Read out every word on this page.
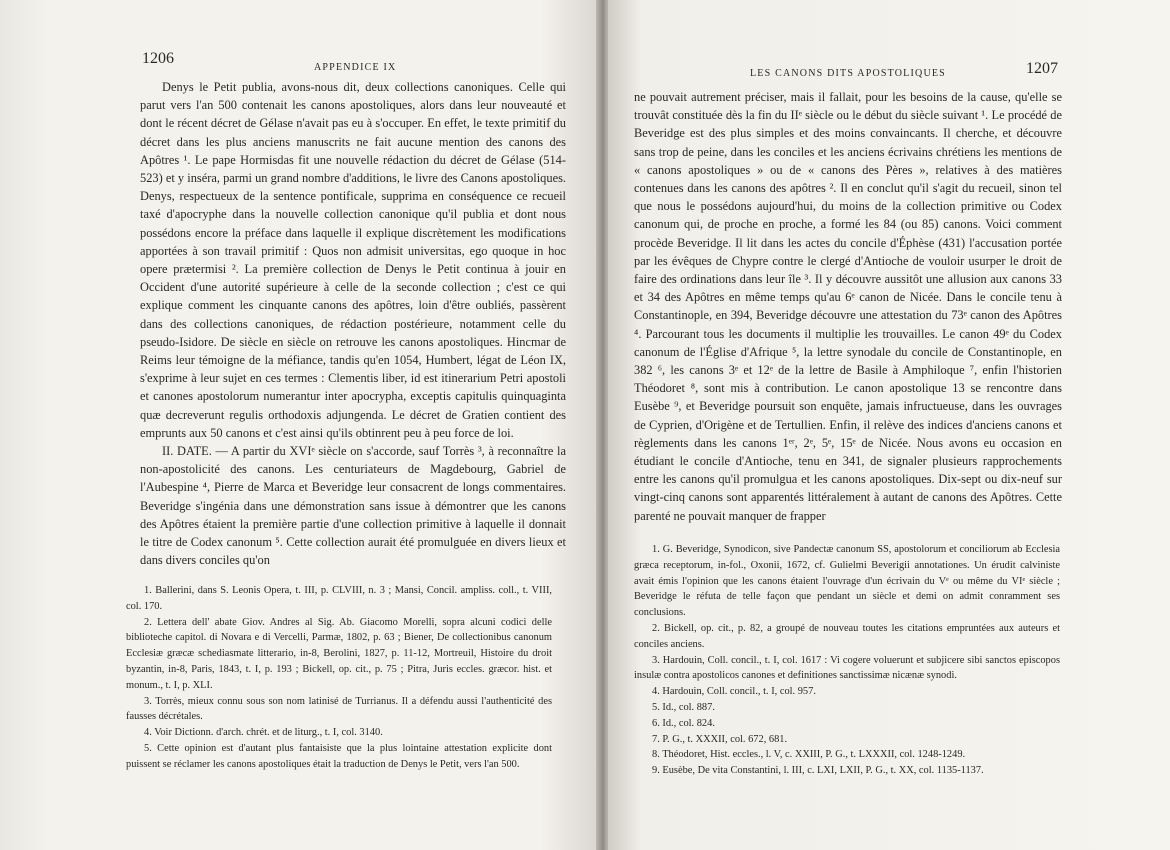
1206
APPENDICE IX

Denys le Petit publia, avons-nous dit, deux collections canoniques. Celle qui parut vers l'an 500 contenait les canons apostoliques, alors dans leur nouveauté et dont le récent décret de Gélase n'avait pas eu à s'occuper. En effet, le texte primitif du décret dans les plus anciens manuscrits ne fait aucune mention des canons des Apôtres ¹. Le pape Hormisdas fit une nouvelle rédaction du décret de Gélase (514-523) et y inséra, parmi un grand nombre d'additions, le livre des Canons apostoliques. Denys, respectueux de la sentence pontificale, supprima en conséquence ce recueil taxé d'apocryphe dans la nouvelle collection canonique qu'il publia et dont nous possédons encore la préface dans laquelle il explique discrètement les modifications apportées à son travail primitif : Quos non admisit universitas, ego quoque in hoc opere prætermisi ². La première collection de Denys le Petit continua à jouir en Occident d'une autorité supérieure à celle de la seconde collection ; c'est ce qui explique comment les cinquante canons des apôtres, loin d'être oubliés, passèrent dans des collections canoniques, de rédaction postérieure, notamment celle du pseudo-Isidore. De siècle en siècle on retrouve les canons apostoliques. Hincmar de Reims leur témoigne de la méfiance, tandis qu'en 1054, Humbert, légat de Léon IX, s'exprime à leur sujet en ces termes : Clementis liber, id est itinerarium Petri apostoli et canones apostolorum numerantur inter apocrypha, exceptis capitulis quinquaginta quæ decreverunt regulis orthodoxis adjungenda. Le décret de Gratien contient des emprunts aux 50 canons et c'est ainsi qu'ils obtinrent peu à peu force de loi.

II. DATE. — A partir du XVIᵉ siècle on s'accorde, sauf Torrès ³, à reconnaître la non-apostolicité des canons. Les centuriateurs de Magdebourg, Gabriel de l'Aubespine ⁴, Pierre de Marca et Beveridge leur consacrent de longs commentaires. Beveridge s'ingénia dans une démonstration sans issue à démontrer que les canons des Apôtres étaient la première partie d'une collection primitive à laquelle il donnait le titre de Codex canonum ⁵. Cette collection aurait été promulguée en divers lieux et dans divers conciles qu'on

1. Ballerini, dans S. Leonis Opera, t. III, p. CLVIII, n. 3 ; Mansi, Concil. ampliss. coll., t. VIII, col. 170.

2. Lettera dell' abate Giov. Andres al Sig. Ab. Giacomo Morelli, sopra alcuni codici delle biblioteche capitol. di Novara e di Vercelli, Parmæ, 1802, p. 63 ; Biener, De collectionibus canonum Ecclesiæ græcæ schediasmate litterario, in-8, Berolini, 1827, p. 11-12, Mortreuil, Histoire du droit byzantin, in-8, Paris, 1843, t. I, p. 193 ; Bickell, op. cit., p. 75 ; Pitra, Juris eccles. græcor. hist. et monum., t. I, p. XLI.

3. Torrès, mieux connu sous son nom latinisé de Turrianus. Il a défendu aussi l'authenticité des fausses décrétales.

4. Voir Dictionn. d'arch. chrét. et de liturg., t. I, col. 3140.

5. Cette opinion est d'autant plus fantaisiste que la plus lointaine attestation explicite dont puissent se réclamer les canons apostoliques était la traduction de Denys le Petit, vers l'an 500.

1207
LES CANONS DITS APOSTOLIQUES

ne pouvait autrement préciser, mais il fallait, pour les besoins de la cause, qu'elle se trouvât constituée dès la fin du IIᵉ siècle ou le début du siècle suivant ¹. Le procédé de Beveridge est des plus simples et des moins convaincants. Il cherche, et découvre sans trop de peine, dans les conciles et les anciens écrivains chrétiens les mentions de « canons apostoliques » ou de « canons des Pères », relatives à des matières contenues dans les canons des apôtres ². Il en conclut qu'il s'agit du recueil, sinon tel que nous le possédons aujourd'hui, du moins de la collection primitive ou Codex canonum qui, de proche en proche, a formé les 84 (ou 85) canons. Voici comment procède Beveridge. Il lit dans les actes du concile d'Éphèse (431) l'accusation portée par les évêques de Chypre contre le clergé d'Antioche de vouloir usurper le droit de faire des ordinations dans leur île ³. Il y découvre aussitôt une allusion aux canons 33 et 34 des Apôtres en même temps qu'au 6ᵉ canon de Nicée. Dans le concile tenu à Constantinople, en 394, Beveridge découvre une attestation du 73ᵉ canon des Apôtres ⁴. Parcourant tous les documents il multiplie les trouvailles. Le canon 49ᵉ du Codex canonum de l'Église d'Afrique ⁵, la lettre synodale du concile de Constantinople, en 382 ⁶, les canons 3ᵉ et 12ᵉ de la lettre de Basile à Amphiloque ⁷, enfin l'historien Théodoret ⁸, sont mis à contribution. Le canon apostolique 13 se rencontre dans Eusèbe ⁹, et Beveridge poursuit son enquête, jamais infructueuse, dans les ouvrages de Cyprien, d'Origène et de Tertullien. Enfin, il relève des indices d'anciens canons et règlements dans les canons 1ᵉʳ, 2ᵉ, 5ᵉ, 15ᵉ de Nicée. Nous avons eu occasion en étudiant le concile d'Antioche, tenu en 341, de signaler plusieurs rapprochements entre les canons qu'il promulgua et les canons apostoliques. Dix-sept ou dix-neuf sur vingt-cinq canons sont apparentés littéralement à autant de canons des Apôtres. Cette parenté ne pouvait manquer de frapper

1. G. Beveridge, Synodicon, sive Pandectæ canonum SS, apostolorum et conciliorum ab Ecclesia græca receptorum, in-fol., Oxonii, 1672, cf. Gulielmi Beverigii annotationes. Un érudit calviniste avait émis l'opinion que les canons étaient l'ouvrage d'un écrivain du Vᵉ ou même du VIᵉ siècle ; Beveridge le réfuta de telle façon que pendant un siècle et demi on admit conramment ses conclusions.

2. Bickell, op. cit., p. 82, a groupé de nouveau toutes les citations empruntées aux auteurs et conciles anciens.

3. Hardouin, Coll. concil., t. I, col. 1617 : Vi cogere voluerunt et subjicere sibi sanctos episcopos insulæ contra apostolicos canones et definitiones sanctissimæ nicænæ synodi.

4. Hardouin, Coll. concil., t. I, col. 957.

5. Id., col. 887.

6. Id., col. 824.

7. P. G., t. XXXII, col. 672, 681.

8. Théodoret, Hist. eccles., l. V, c. XXIII, P. G., t. LXXXII, col. 1248-1249.

9. Eusèbe, De vita Constantini, l. III, c. LXI, LXII, P. G., t. XX, col. 1135-1137.
